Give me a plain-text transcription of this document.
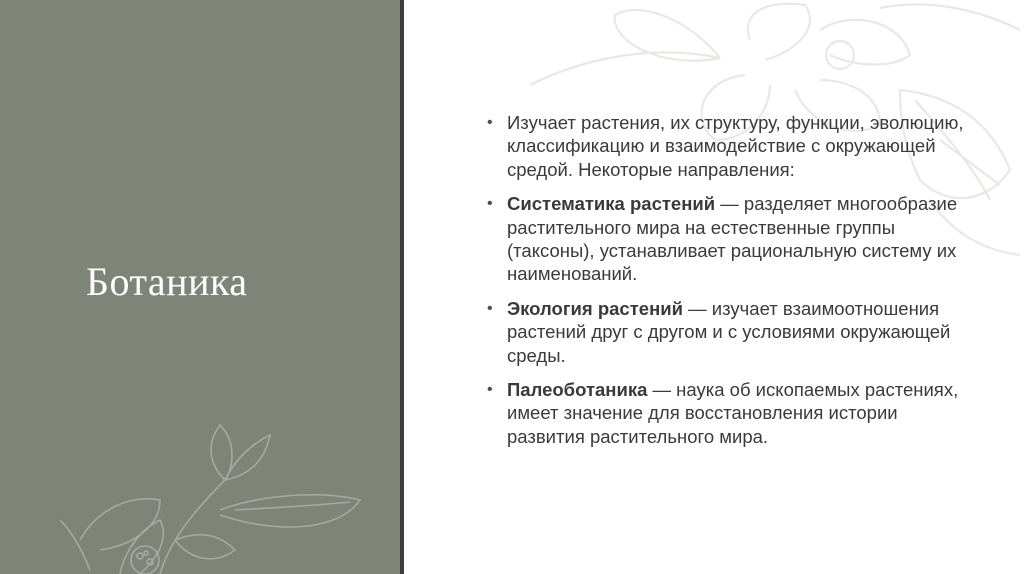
Ботаника
• Изучает растения, их структуру, функции, эволюцию, классификацию и взаимодействие с окружающей средой. Некоторые направления:
• Систематика растений — разделяет многообразие растительного мира на естественные группы (таксоны), устанавливает рациональную систему их наименований.
• Экология растений — изучает взаимоотношения растений друг с другом и с условиями окружающей среды.
• Палеоботаника — наука об ископаемых растениях, имеет значение для восстановления истории развития растительного мира.
